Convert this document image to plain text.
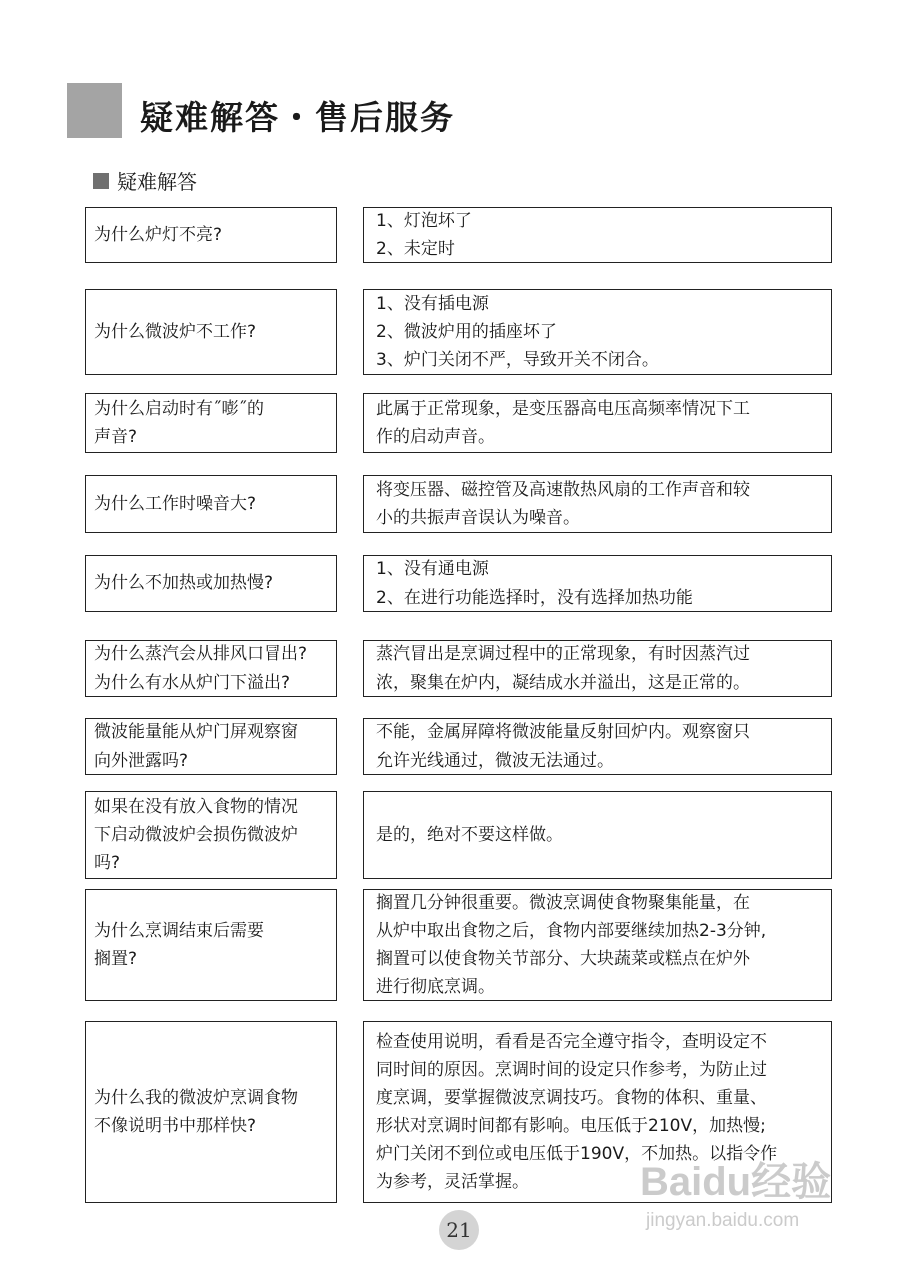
疑难解答・售后服务
疑难解答

为什么炉灯不亮?

1、灯泡坏了

2、未定时

为什么微波炉不工作?

1、没有插电源

2、微波炉用的插座坏了

3、炉门关闭不严，导致开关不闭合。

为什么启动时有˝嘭˝的

声音?

此属于正常现象，是变压器高电压高频率情况下工

作的启动声音。

为什么工作时噪音大?

将变压器、磁控管及高速散热风扇的工作声音和较

小的共振声音误认为噪音。

为什么不加热或加热慢?

1、没有通电源

2、在进行功能选择时，没有选择加热功能

为什么蒸汽会从排风口冒出?

为什么有水从炉门下溢出?

蒸汽冒出是烹调过程中的正常现象，有时因蒸汽过

浓，聚集在炉内，凝结成水并溢出，这是正常的。

微波能量能从炉门屏观察窗

向外泄露吗?

不能，金属屏障将微波能量反射回炉内。观察窗只

允许光线通过，微波无法通过。

如果在没有放入食物的情况

下启动微波炉会损伤微波炉

吗?

是的，绝对不要这样做。

为什么烹调结束后需要

搁置?

搁置几分钟很重要。微波烹调使食物聚集能量，在

从炉中取出食物之后，食物内部要继续加热2-3分钟,

搁置可以使食物关节部分、大块蔬菜或糕点在炉外

进行彻底烹调。

为什么我的微波炉烹调食物

不像说明书中那样快?

检查使用说明，看看是否完全遵守指令，查明设定不

同时间的原因。烹调时间的设定只作参考，为防止过

度烹调，要掌握微波烹调技巧。食物的体积、重量、

形状对烹调时间都有影响。电压低于210V，加热慢;

炉门关闭不到位或电压低于190V，不加热。以指令作

为参考，灵活掌握。	Baidu经验
jingyan.baidu.com
21
